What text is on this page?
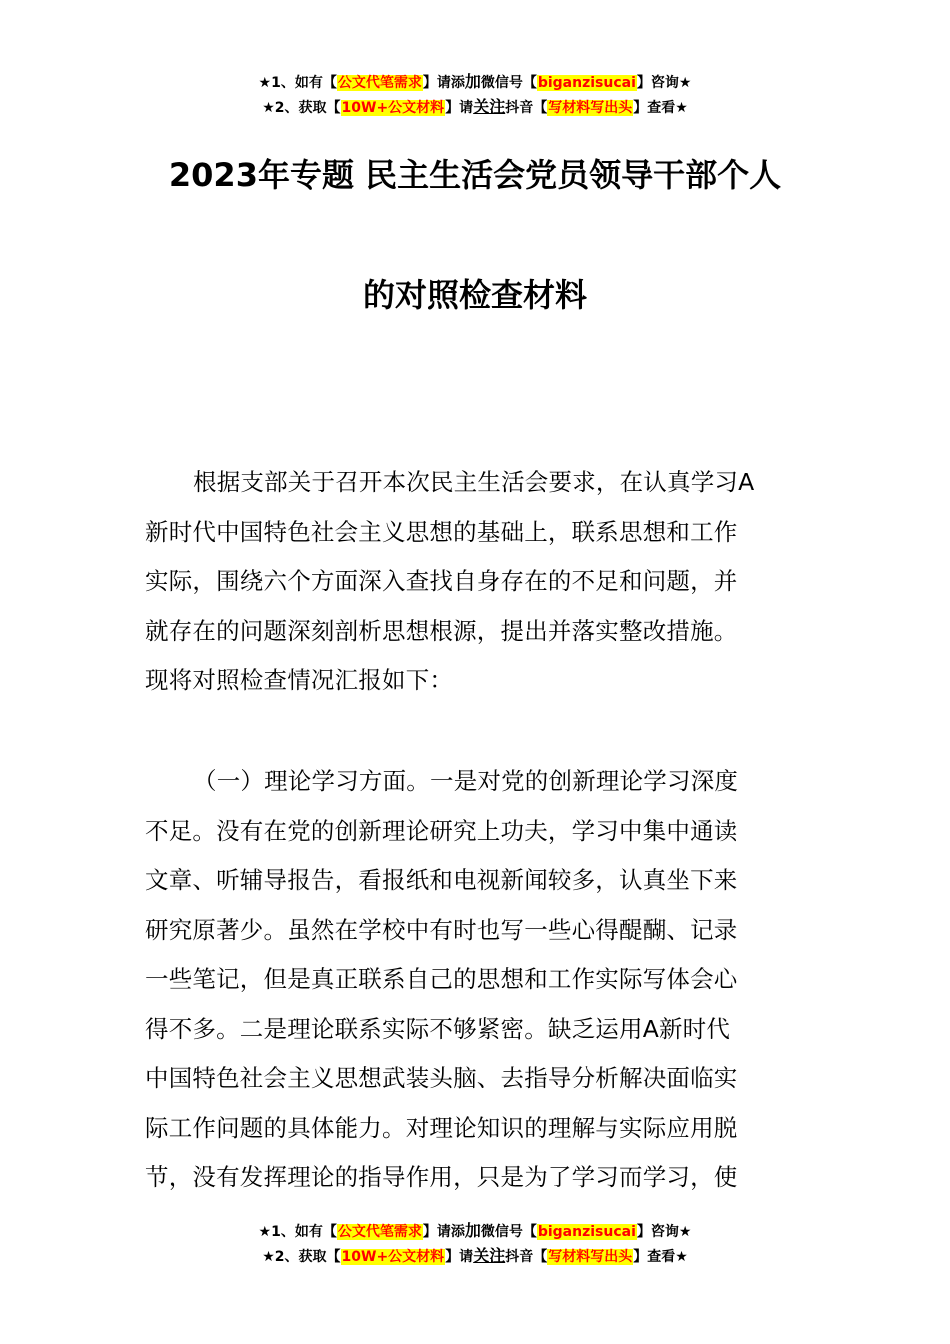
★1、如有【公文代笔需求】请添加微信号【biganzisucai】咨询★
★2、获取【10W+公文材料】请关注抖音【写材料写出头】查看★
2023年专题 民主生活会党员领导干部个人
的对照检查材料
根据支部关于召开本次民主生活会要求，在认真学习A
新时代中国特色社会主义思想的基础上，联系思想和工作
实际，围绕六个方面深入查找自身存在的不足和问题，并
就存在的问题深刻剖析思想根源，提出并落实整改措施。
现将对照检查情况汇报如下：
（一）理论学习方面。一是对党的创新理论学习深度
不足。没有在党的创新理论研究上功夫，学习中集中通读
文章、听辅导报告，看报纸和电视新闻较多，认真坐下来
研究原著少。虽然在学校中有时也写一些心得醍醐、记录
一些笔记，但是真正联系自己的思想和工作实际写体会心
得不多。二是理论联系实际不够紧密。缺乏运用A新时代
中国特色社会主义思想武装头脑、去指导分析解决面临实
际工作问题的具体能力。对理论知识的理解与实际应用脱
节，没有发挥理论的指导作用，只是为了学习而学习，使
★1、如有【公文代笔需求】请添加微信号【biganzisucai】咨询★
★2、获取【10W+公文材料】请关注抖音【写材料写出头】查看★
